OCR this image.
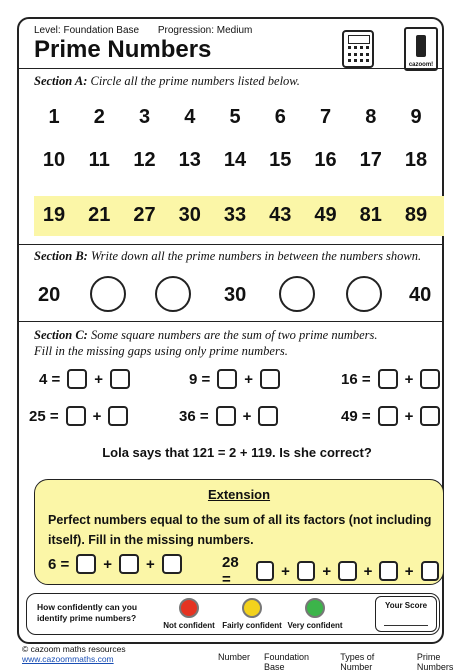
Level: Foundation Base Progression: Medium
Prime Numbers
cazoom!
Section A: Circle all the prime numbers listed below.
1	2	3	4	5	6	7	8	9
10	11	12	13	14	15	16	17	18
19	21	27	30	33	43	49	81	89
Section B: Write down all the prime numbers in between the numbers shown.
20	30	40
Section C: Some square numbers are the sum of two prime numbers.
Fill in the missing gaps using only prime numbers.
4 = +	9 = +	16 = +
25 = +	36 = +	49 = +
Lola says that 121 = 2 + 119. Is she correct?
Extension
Perfect numbers equal to the sum of all its factors (not including itself). Fill in the missing numbers.
6 = + +	28 =	+ + + +
How confidently can you identify prime numbers?
Not confident Fairly confident Very confident
Your Score
© cazoom maths resources
www.cazoommaths.com	Number Foundation Base
Types of Number
Prime Numbers
